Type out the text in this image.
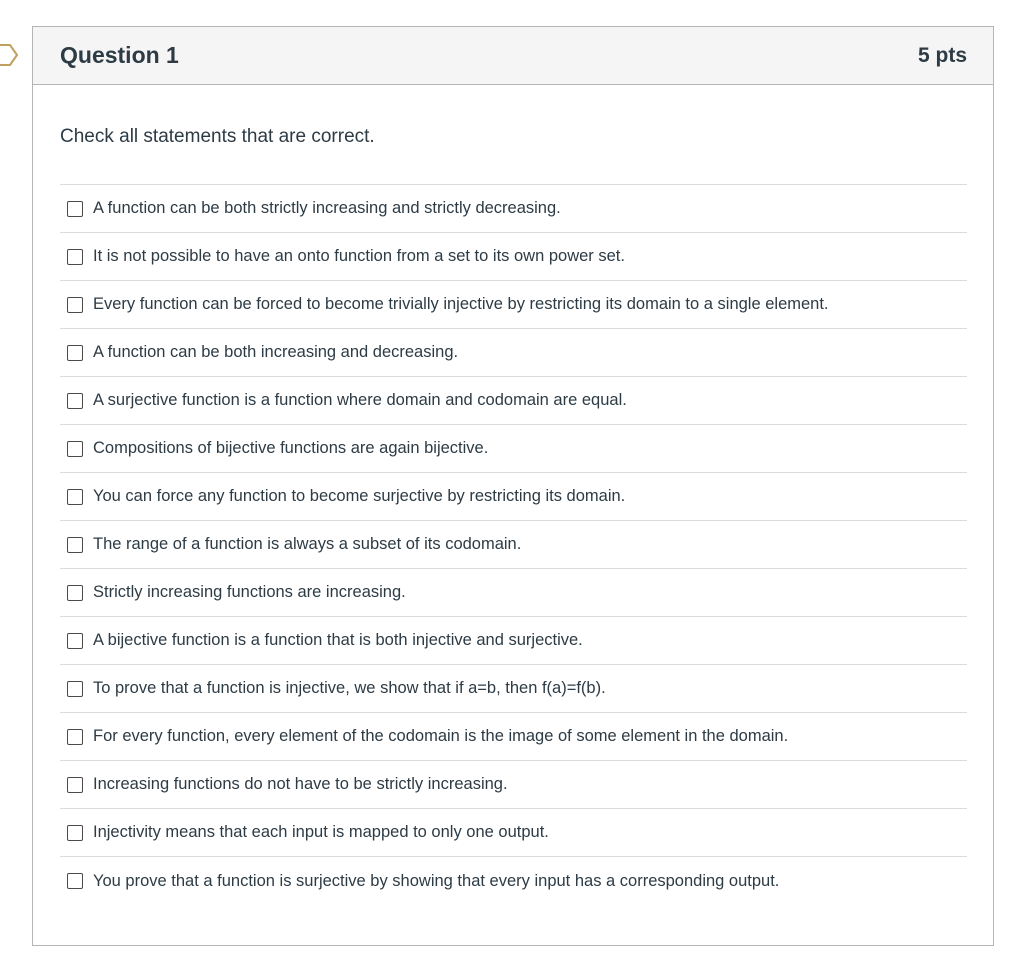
Question 1	5 pts
Check all statements that are correct.
A function can be both strictly increasing and strictly decreasing.
It is not possible to have an onto function from a set to its own power set.
Every function can be forced to become trivially injective by restricting its domain to a single element.
A function can be both increasing and decreasing.
A surjective function is a function where domain and codomain are equal.
Compositions of bijective functions are again bijective.
You can force any function to become surjective by restricting its domain.
The range of a function is always a subset of its codomain.
Strictly increasing functions are increasing.
A bijective function is a function that is both injective and surjective.
To prove that a function is injective, we show that if a=b, then f(a)=f(b).
For every function, every element of the codomain is the image of some element in the domain.
Increasing functions do not have to be strictly increasing.
Injectivity means that each input is mapped to only one output.
You prove that a function is surjective by showing that every input has a corresponding output.
